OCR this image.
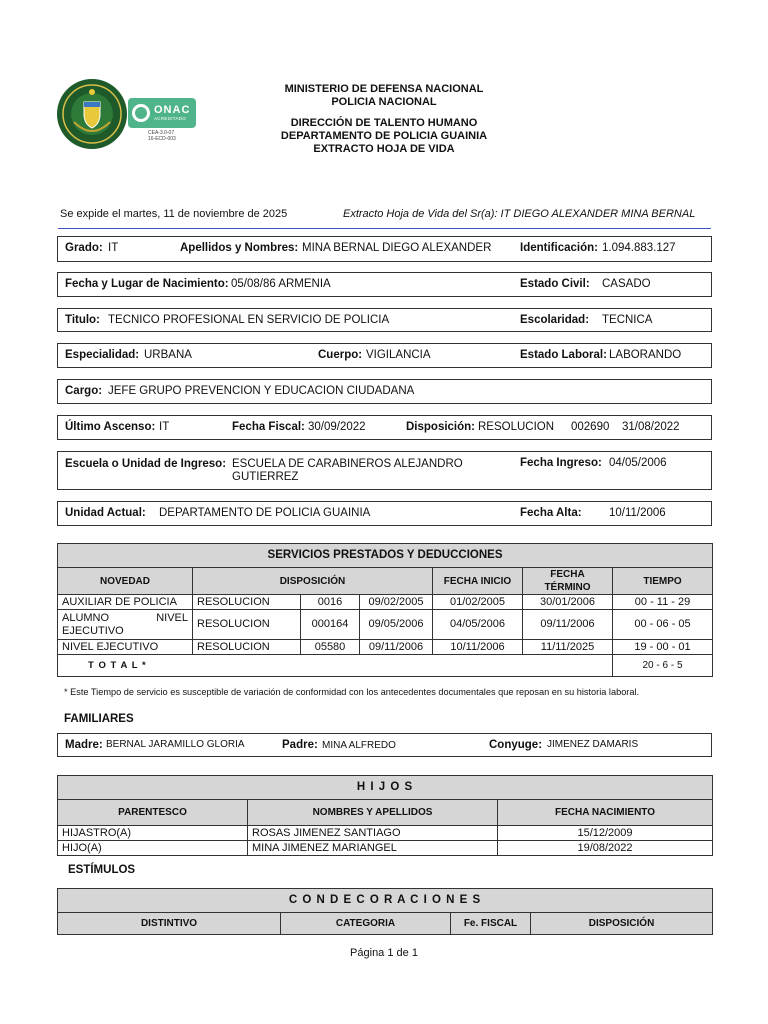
ONAC
ACREDITADO
CEA-3.0-07
16-ECD-003
MINISTERIO DE DEFENSA NACIONAL
POLICIA NACIONAL
DIRECCIÓN DE TALENTO HUMANO
DEPARTAMENTO DE POLICIA GUAINIA
EXTRACTO HOJA DE VIDA
Se expide el martes, 11 de noviembre de 2025	Extracto Hoja de Vida del Sr(a): IT DIEGO ALEXANDER MINA BERNAL
Grado: IT	Apellidos y Nombres: MINA BERNAL DIEGO ALEXANDER Identificación: 1.094.883.127
Fecha y Lugar de Nacimiento: 05/08/86 ARMENIA	Estado Civil: CASADO
Titulo: TECNICO PROFESIONAL EN SERVICIO DE POLICIA	Escolaridad: TECNICA
Especialidad: URBANA	Cuerpo: VIGILANCIA	Estado Laboral: LABORANDO
Cargo: JEFE GRUPO PREVENCION Y EDUCACION CIUDADANA
Último Ascenso: IT	Fecha Fiscal: 30/09/2022	Disposición: RESOLUCION 002690 31/08/2022
Escuela o Unidad de Ingreso: ESCUELA DE CARABINEROS ALEJANDRO
GUTIERREZ
Fecha Ingreso: 04/05/2006
Unidad Actual: DEPARTAMENTO DE POLICIA GUAINIA	Fecha Alta: 10/11/2006
SERVICIOS PRESTADOS Y DEDUCCIONES						
NOVEDAD	DISPOSICIÓN			FECHA INICIO	FECHA TÉRMINO	TIEMPO
AUXILIAR DE POLICIA	RESOLUCION	0016	09/02/2005	01/02/2005	30/01/2006	00 - 11 - 29
ALUMNO NIVEL EJECUTIVO	RESOLUCION	000164	09/05/2006	04/05/2006	09/11/2006	00 - 06 - 05
NIVEL EJECUTIVO	RESOLUCION	05580	09/11/2006	10/11/2006	11/11/2025	19 - 00 - 01
T O T A L *						20 - 6 - 5
* Este Tiempo de servicio es susceptible de variación de conformidad con los antecedentes documentales que reposan en su historia laboral.
FAMILIARES
Madre: BERNAL JARAMILLO GLORIA	Padre: MINA ALFREDO	Conyuge: JIMENEZ DAMARIS
H I J O S		
PARENTESCO	NOMBRES Y APELLIDOS	FECHA NACIMIENTO
HIJASTRO(A)	ROSAS JIMENEZ SANTIAGO	15/12/2009
HIJO(A)	MINA JIMENEZ MARIANGEL	19/08/2022
ESTÍMULOS
C O N D E C O R A C I O N E S
DISTINTIVO	CATEGORIA	Fe. FISCAL	DISPOSICIÓN
Página 1 de 1
